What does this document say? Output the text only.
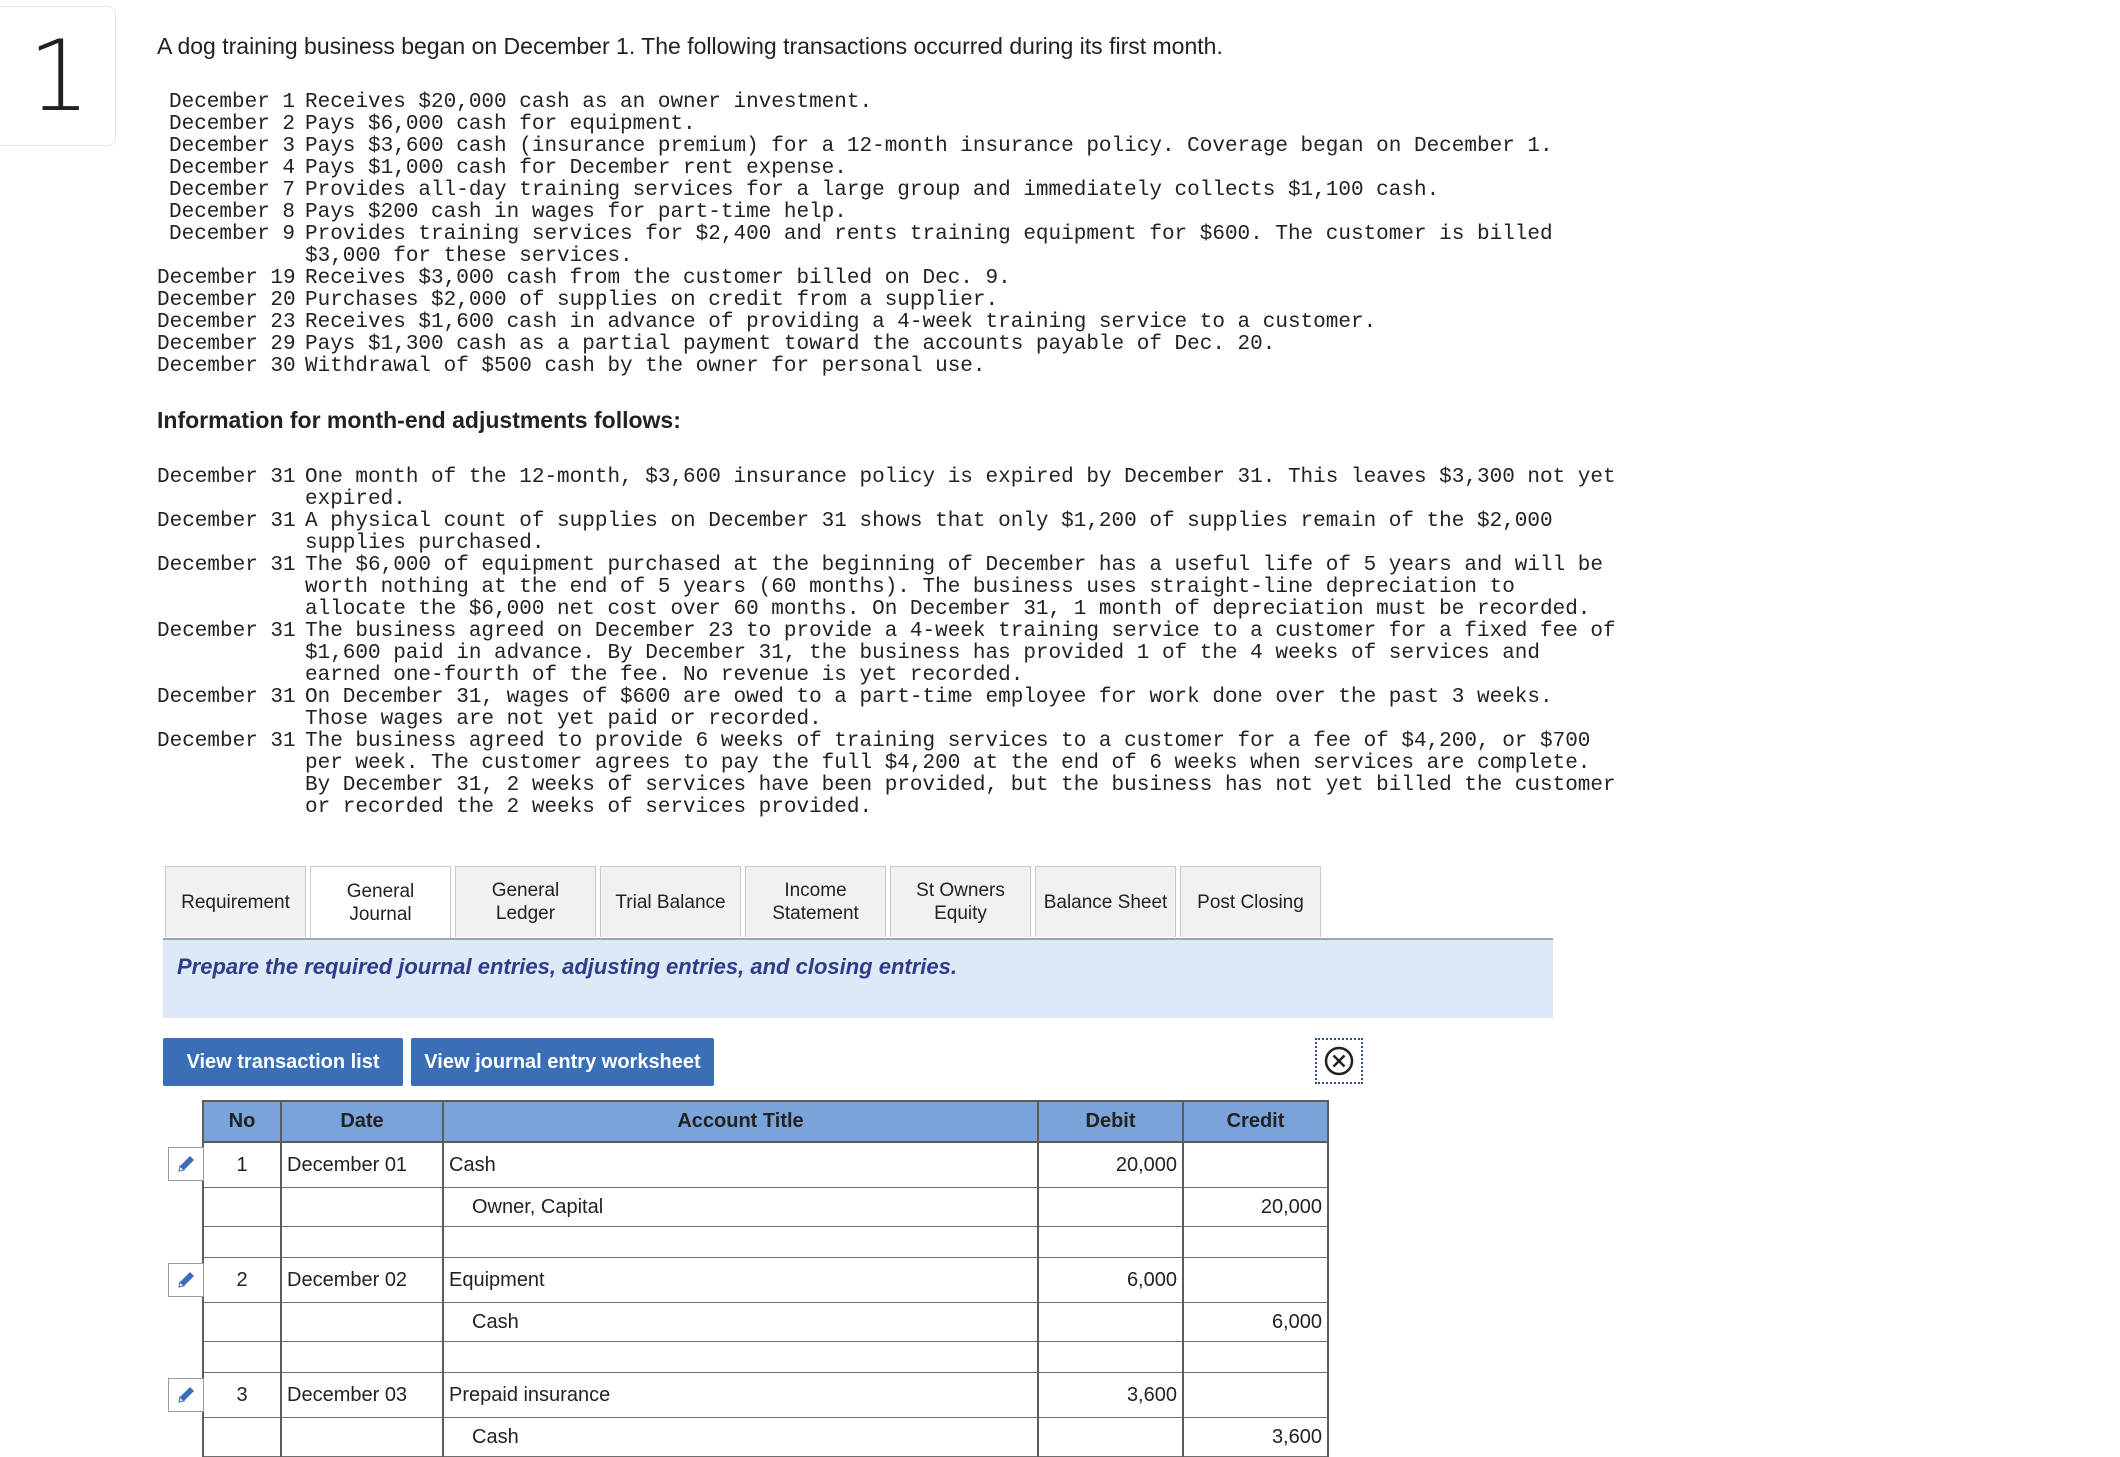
1	A dog training business began on December 1. The following transactions occurred during its first month.
December 1 Receives $20,000 cash as an owner investment.
December 2 Pays $6,000 cash for equipment.
December 3 Pays $3,600 cash (insurance premium) for a 12-month insurance policy. Coverage began on December 1.
December 4 Pays $1,000 cash for December rent expense.
December 7 Provides all-day training services for a large group and immediately collects $1,100 cash.
December 8 Pays $200 cash in wages for part-time help.
December 9 Provides training services for $2,400 and rents training equipment for $600. The customer is billed
$3,000 for these services.
December 19 Receives $3,000 cash from the customer billed on Dec. 9.
December 20 Purchases $2,000 of supplies on credit from a supplier.
December 23 Receives $1,600 cash in advance of providing a 4-week training service to a customer.
December 29 Pays $1,300 cash as a partial payment toward the accounts payable of Dec. 20.
December 30 Withdrawal of $500 cash by the owner for personal use.
Information for month-end adjustments follows:
December 31 One month of the 12-month, $3,600 insurance policy is expired by December 31. This leaves $3,300 not yet
expired.
December 31 A physical count of supplies on December 31 shows that only $1,200 of supplies remain of the $2,000
supplies purchased.
December 31 The $6,000 of equipment purchased at the beginning of December has a useful life of 5 years and will be
worth nothing at the end of 5 years (60 months). The business uses straight-line depreciation to
allocate the $6,000 net cost over 60 months. On December 31, 1 month of depreciation must be recorded.
December 31 The business agreed on December 23 to provide a 4-week training service to a customer for a fixed fee of
$1,600 paid in advance. By December 31, the business has provided 1 of the 4 weeks of services and
earned one-fourth of the fee. No revenue is yet recorded.
December 31 On December 31, wages of $600 are owed to a part-time employee for work done over the past 3 weeks.
Those wages are not yet paid or recorded.
December 31 The business agreed to provide 6 weeks of training services to a customer for a fee of $4,200, or $700
per week. The customer agrees to pay the full $4,200 at the end of 6 weeks when services are complete.
By December 31, 2 weeks of services have been provided, but the business has not yet billed the customer
or recorded the 2 weeks of services provided.
Requirement	General
Journal
General
Ledger
Trial Balance
Income
Statement
St Owners
Equity
Balance Sheet	Post Closing
Prepare the required journal entries, adjusting entries, and closing entries.
View transaction list	View journal entry worksheet
No	Date	Account Title	Debit	Credit
1	December 01	Cash	20,000	
		Owner, Capital		20,000

2	December 02	Equipment	6,000	
		Cash		6,000

3	December 03	Prepaid insurance	3,600	
		Cash		3,600
